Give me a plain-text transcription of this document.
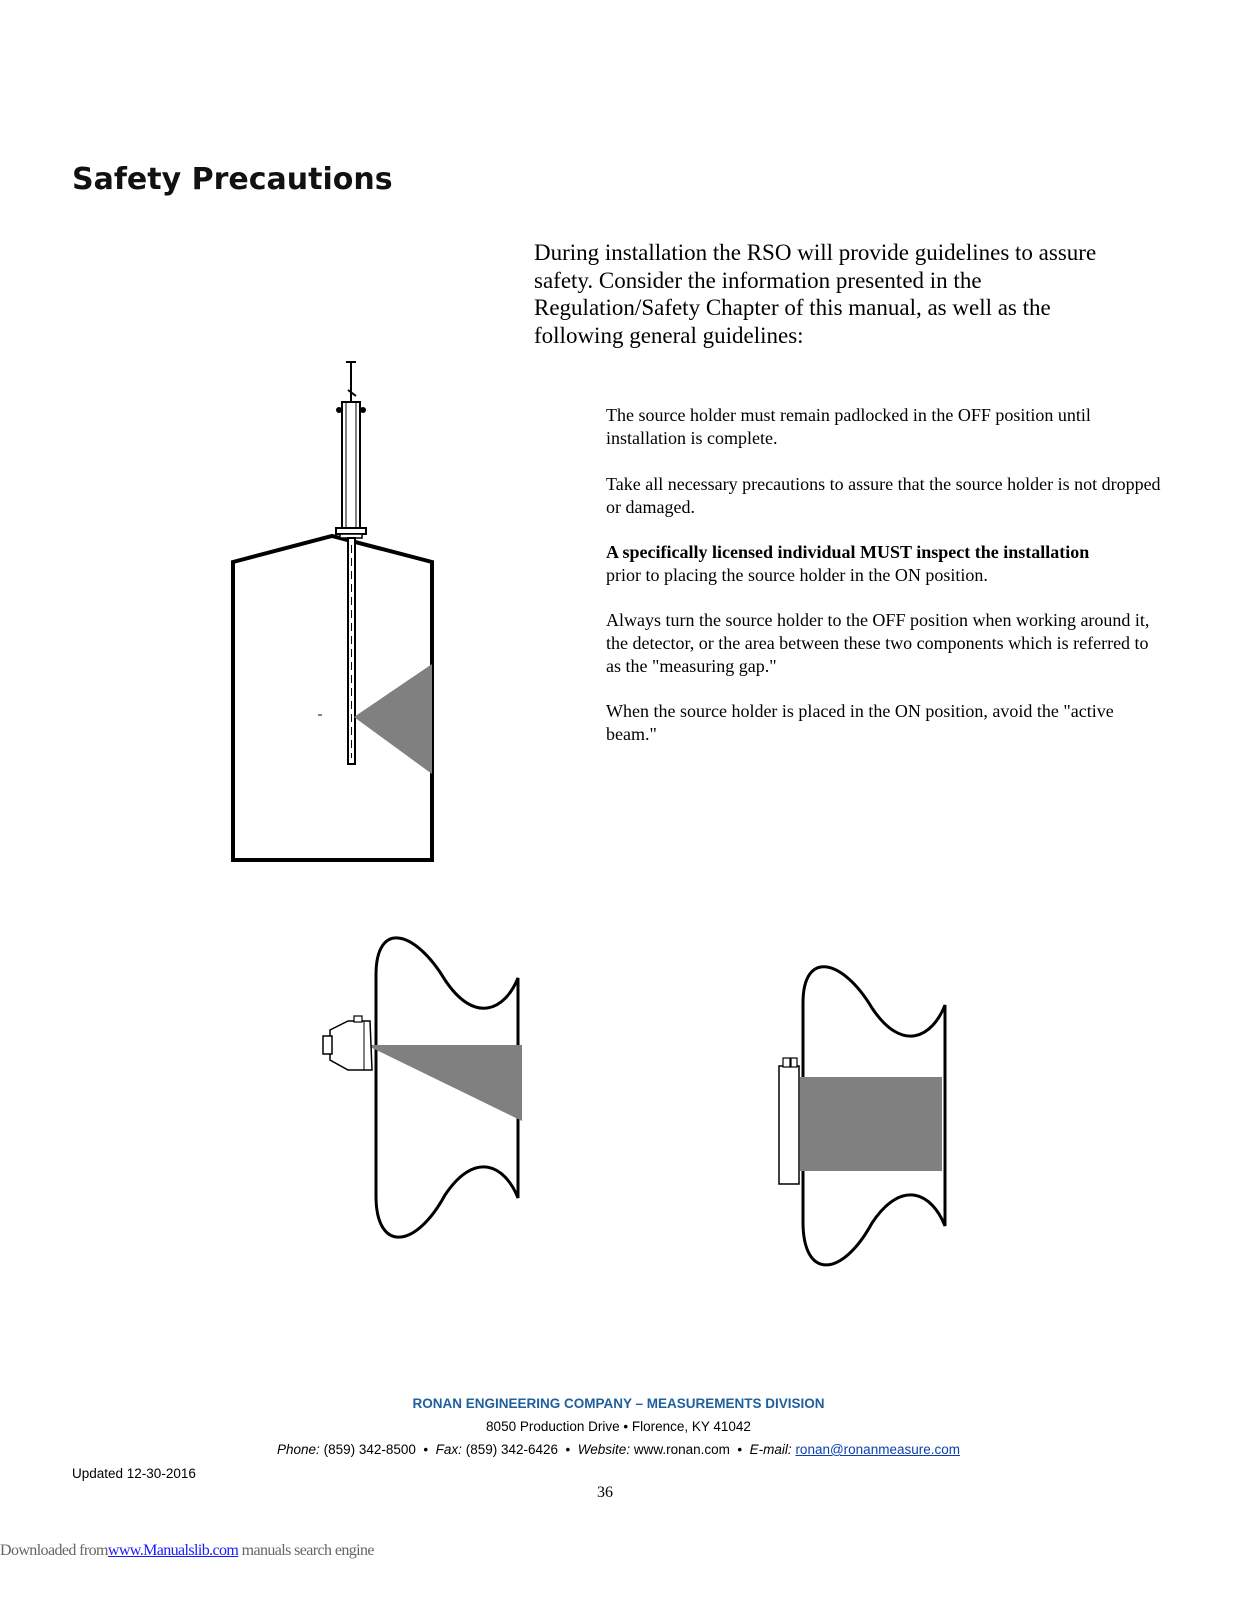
Safety Precautions
During installation the RSO will provide guidelines to assure safety. Consider the information presented in the Regulation/Safety Chapter of this manual, as well as the following general guidelines:
The source holder must remain padlocked in the OFF position until installation is complete.
Take all necessary precautions to assure that the source holder is not dropped or damaged.
A specifically licensed individual MUST inspect the installation
prior to placing the source holder in the ON position.
Always turn the source holder to the OFF position when working around it, the detector, or the area between these two components which is referred to as the "measuring gap."
When the source holder is placed in the ON position, avoid the "active beam."
RONAN ENGINEERING COMPANY – MEASUREMENTS DIVISION
8050 Production Drive • Florence, KY 41042
Phone: (859) 342-8500 • Fax: (859) 342-6426 • Website: www.ronan.com • E-mail: ronan@ronanmeasure.com
Updated 12-30-2016
36
Downloaded fromwww.Manualslib.com manuals search engine
